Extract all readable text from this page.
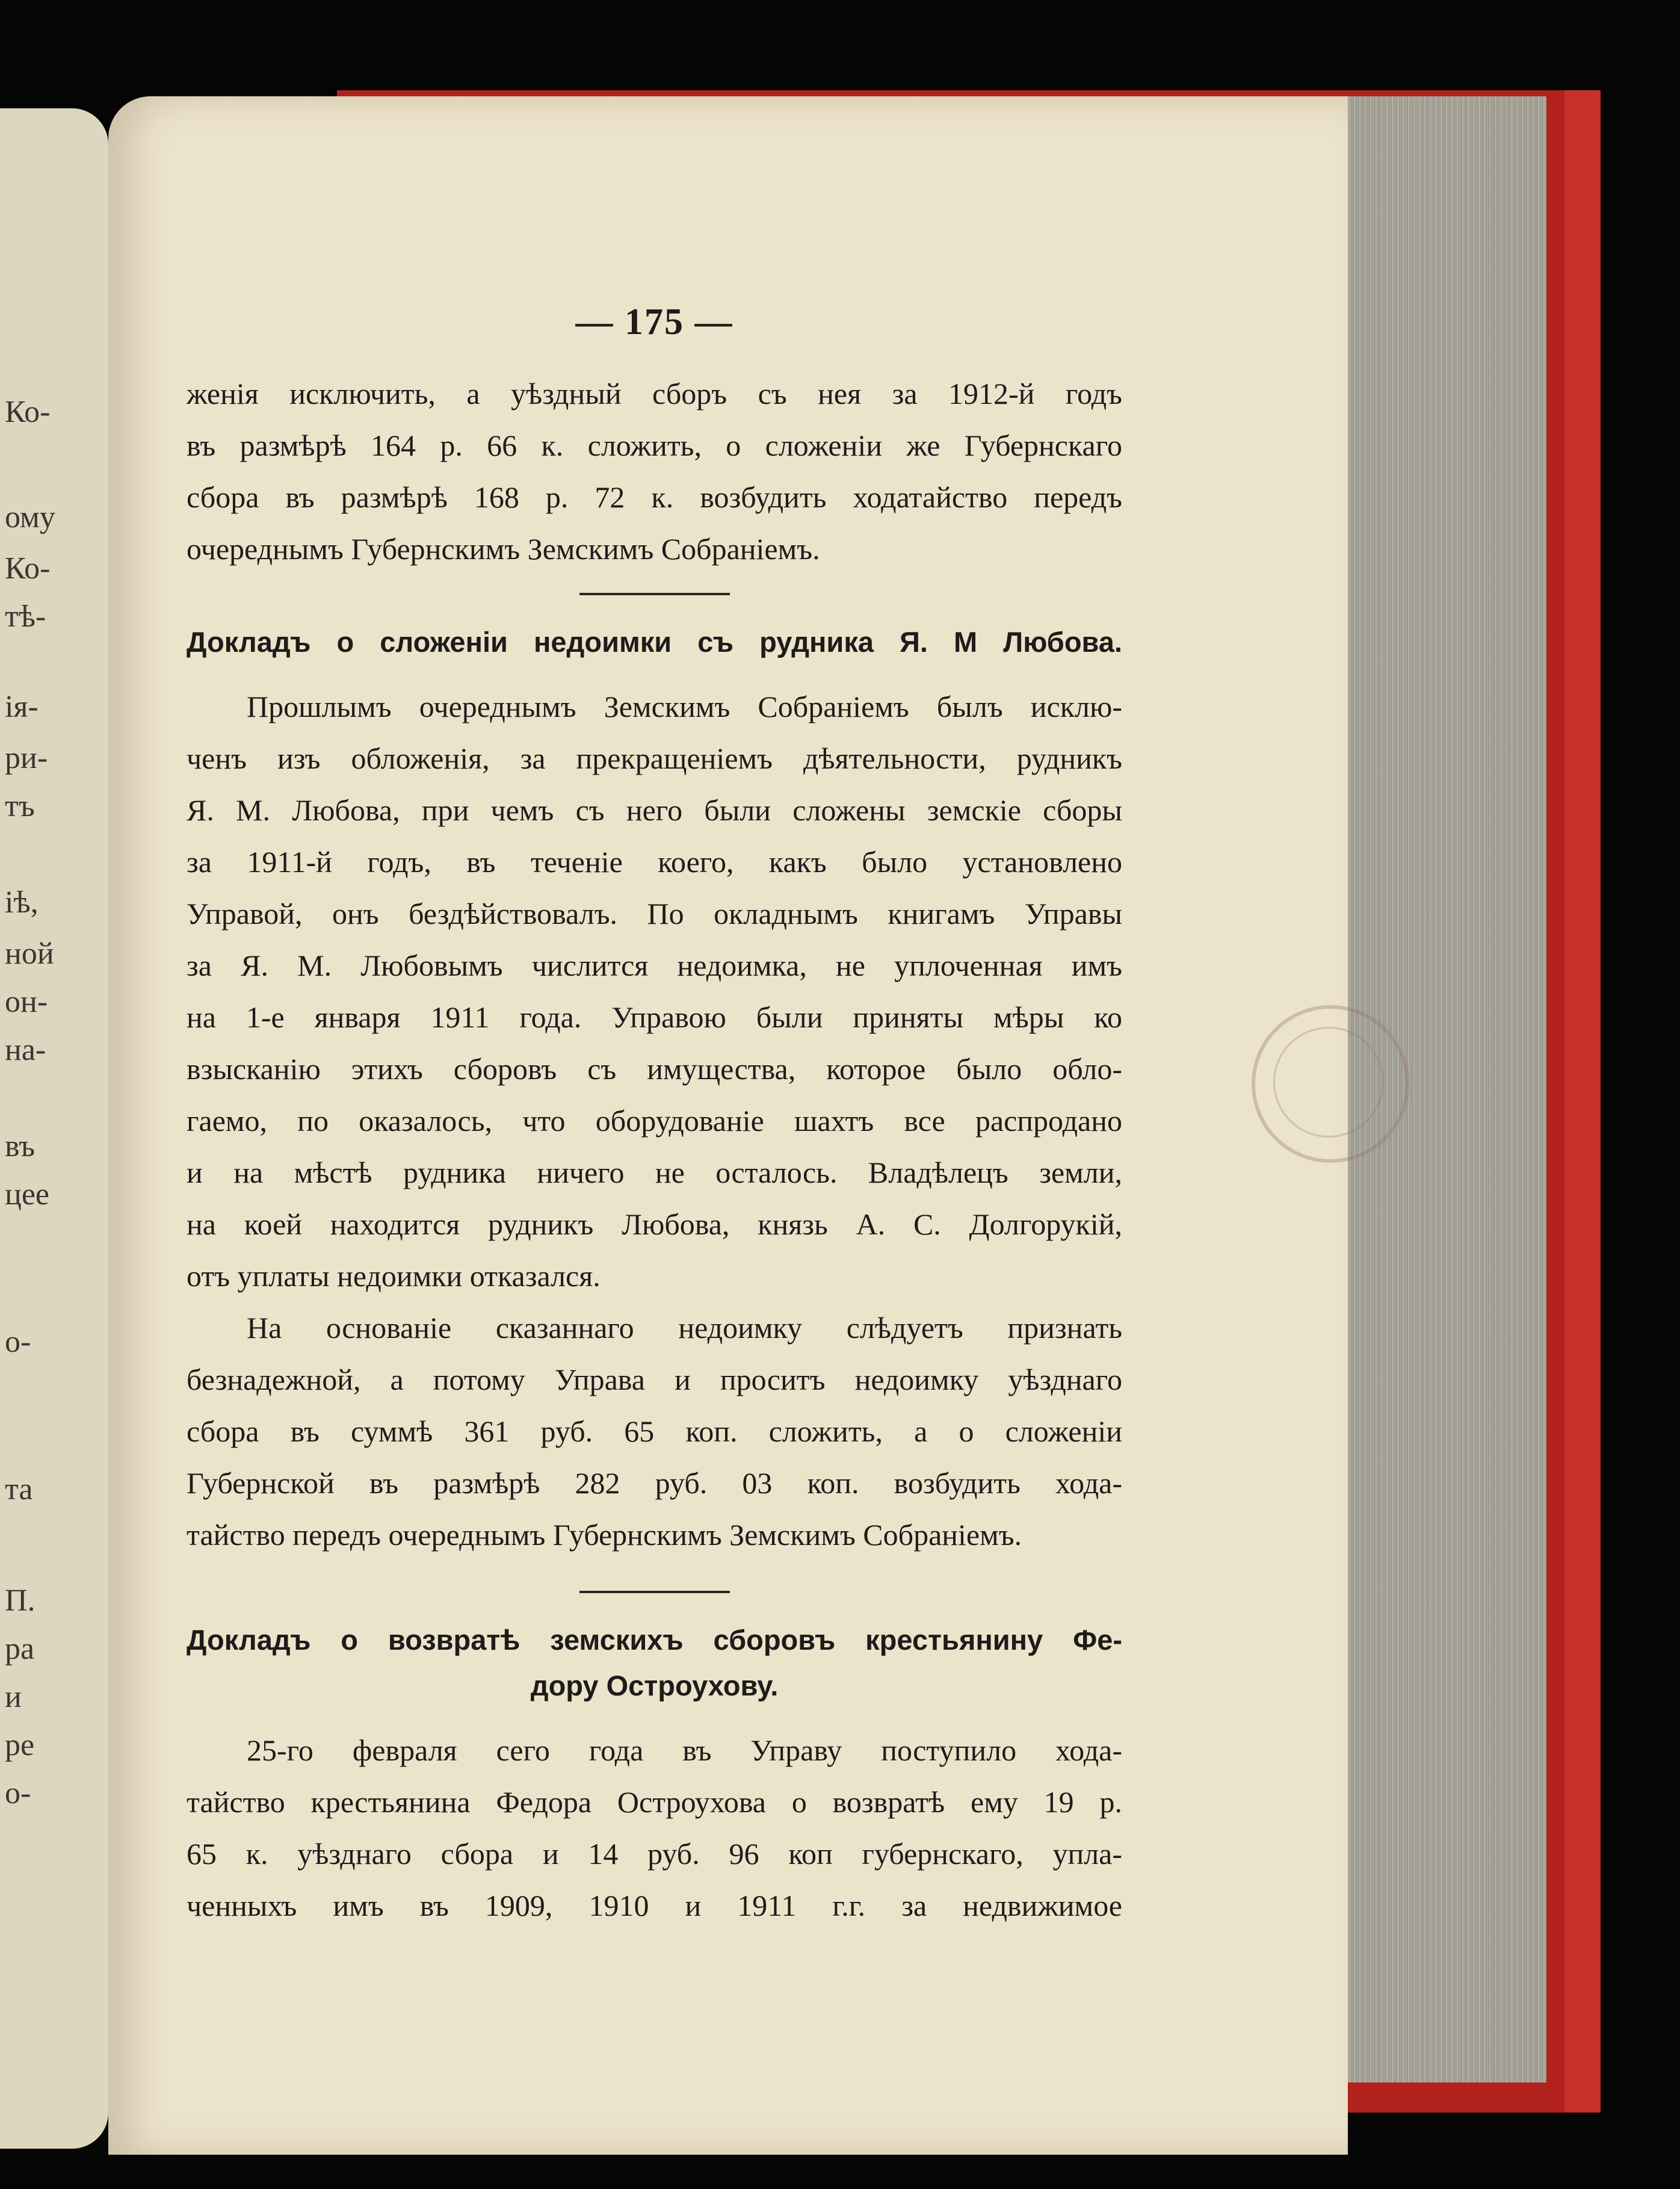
Ко-
ому
Ко-
тѣ-
ія-
ри-
тъ
іѣ,
ной
он-
на-
въ
цее
о-
та
П.
ра
и
ре
о-
— 175 —
женія исключить, а уѣздный сборъ съ нея за 1912-й годъ
въ размѣрѣ 164 р. 66 к. сложить, о сложеніи же Губернскаго
сбора въ размѣрѣ 168 р. 72 к. возбудить ходатайство передъ
очереднымъ Губернскимъ Земскимъ Собраніемъ.
Докладъ о сложеніи недоимки съ рудника Я. М Любова.
Прошлымъ очереднымъ Земскимъ Собраніемъ былъ исклю-
ченъ изъ обложенія, за прекращеніемъ дѣятельности, рудникъ
Я. М. Любова, при чемъ съ него были сложены земскіе сборы
за 1911-й годъ, въ теченіе коего, какъ было установлено
Управой, онъ бездѣйствовалъ. По окладнымъ книгамъ Управы
за Я. М. Любовымъ числится недоимка, не уплоченная имъ
на 1-е января 1911 года. Управою были приняты мѣры ко
взысканію этихъ сборовъ съ имущества, которое было обло-
гаемо, по оказалось, что оборудованіе шахтъ все распродано
и на мѣстѣ рудника ничего не осталось. Владѣлецъ земли,
на коей находится рудникъ Любова, князь А. С. Долгорукій,
отъ уплаты недоимки отказался.
На основаніе сказаннаго недоимку слѣдуетъ признать
безнадежной, а потому Управа и проситъ недоимку уѣзднаго
сбора въ суммѣ 361 руб. 65 коп. сложить, а о сложеніи
Губернской въ размѣрѣ 282 руб. 03 коп. возбудить хода-
тайство передъ очереднымъ Губернскимъ Земскимъ Собраніемъ.
Докладъ о возвратѣ земскихъ сборовъ крестьянину Фе-
дору Остроухову.
25-го февраля сего года въ Управу поступило хода-
тайство крестьянина Федора Остроухова о возвратѣ ему 19 р.
65 к. уѣзднаго сбора и 14 руб. 96 коп губернскаго, упла-
ченныхъ имъ въ 1909, 1910 и 1911 г.г. за недвижимое
